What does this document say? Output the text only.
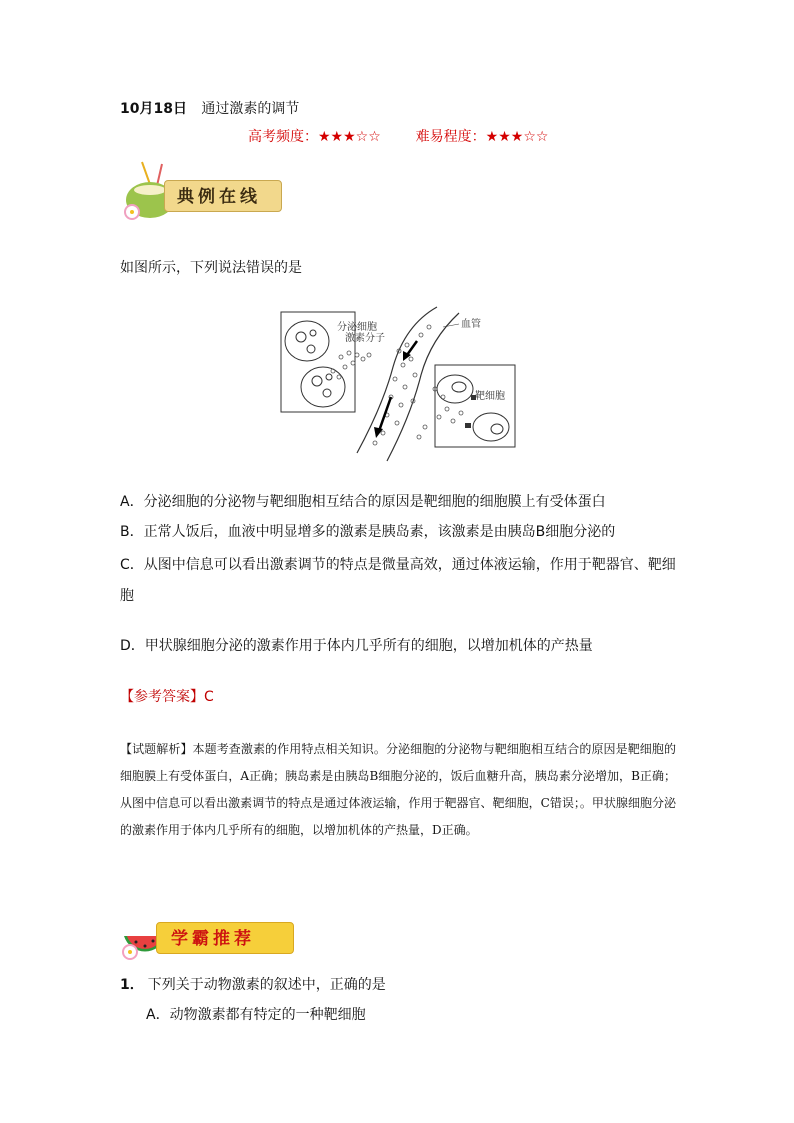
10月18日 通过激素的调节
高考频度：★★★☆☆ 难易程度：★★★☆☆
典例在线
如图所示，下列说法错误的是
分泌细胞
激素分子
血管
靶细胞
A．分泌细胞的分泌物与靶细胞相互结合的原因是靶细胞的细胞膜上有受体蛋白
B．正常人饭后，血液中明显增多的激素是胰岛素，该激素是由胰岛B细胞分泌的
C．从图中信息可以看出激素调节的特点是微量高效，通过体液运输，作用于靶器官、靶细
胞
D．甲状腺细胞分泌的激素作用于体内几乎所有的细胞，以增加机体的产热量
【参考答案】C
【试题解析】本题考查激素的作用特点相关知识。分泌细胞的分泌物与靶细胞相互结合的原因是靶细胞的细胞膜上有受体蛋白，A正确；胰岛素是由胰岛B细胞分泌的，饭后血糖升高，胰岛素分泌增加，B正确；从图中信息可以看出激素调节的特点是通过体液运输，作用于靶器官、靶细胞，C错误；。甲状腺细胞分泌的激素作用于体内几乎所有的细胞，以增加机体的产热量，D正确。
学霸推荐
1． 下列关于动物激素的叙述中，正确的是
A．动物激素都有特定的一种靶细胞
